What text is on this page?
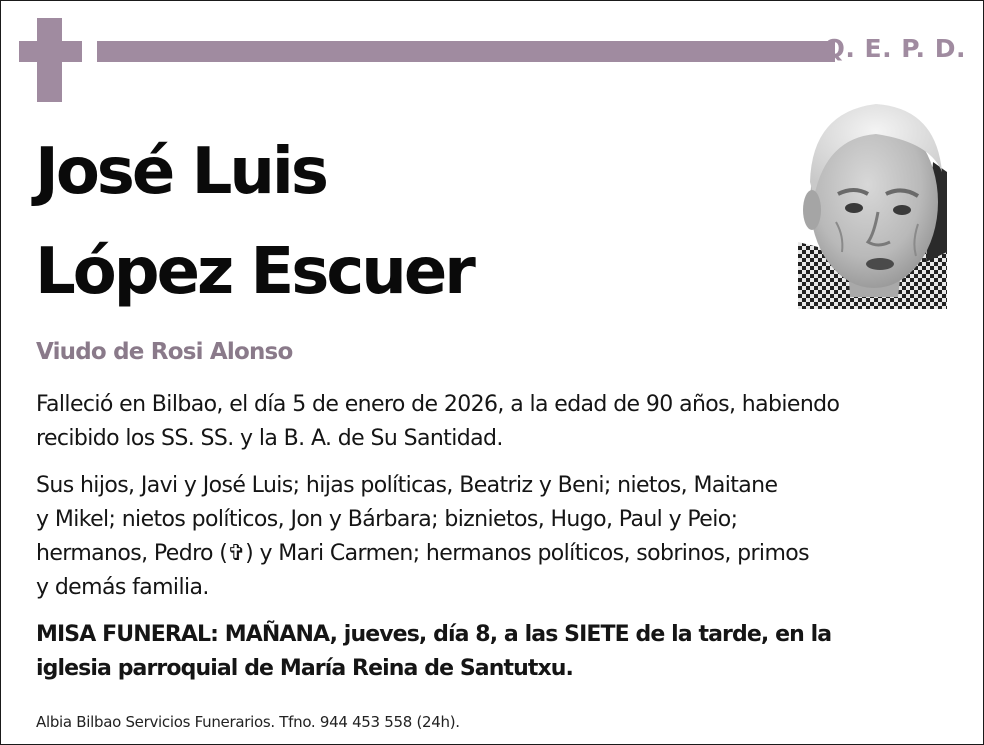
Q. E. P. D.
José Luis
López Escuer
Viudo de Rosi Alonso
Falleció en Bilbao, el día 5 de enero de 2026, a la edad de 90 años, habiendo
recibido los SS. SS. y la B. A. de Su Santidad.
Sus hijos, Javi y José Luis; hijas políticas, Beatriz y Beni; nietos, Maitane
y Mikel; nietos políticos, Jon y Bárbara; biznietos, Hugo, Paul y Peio;
hermanos, Pedro (✞) y Mari Carmen; hermanos políticos, sobrinos, primos
y demás familia.
MISA FUNERAL: MAÑANA, jueves, día 8, a las SIETE de la tarde, en la
iglesia parroquial de María Reina de Santutxu.
Albia Bilbao Servicios Funerarios. Tfno. 944 453 558 (24h).
